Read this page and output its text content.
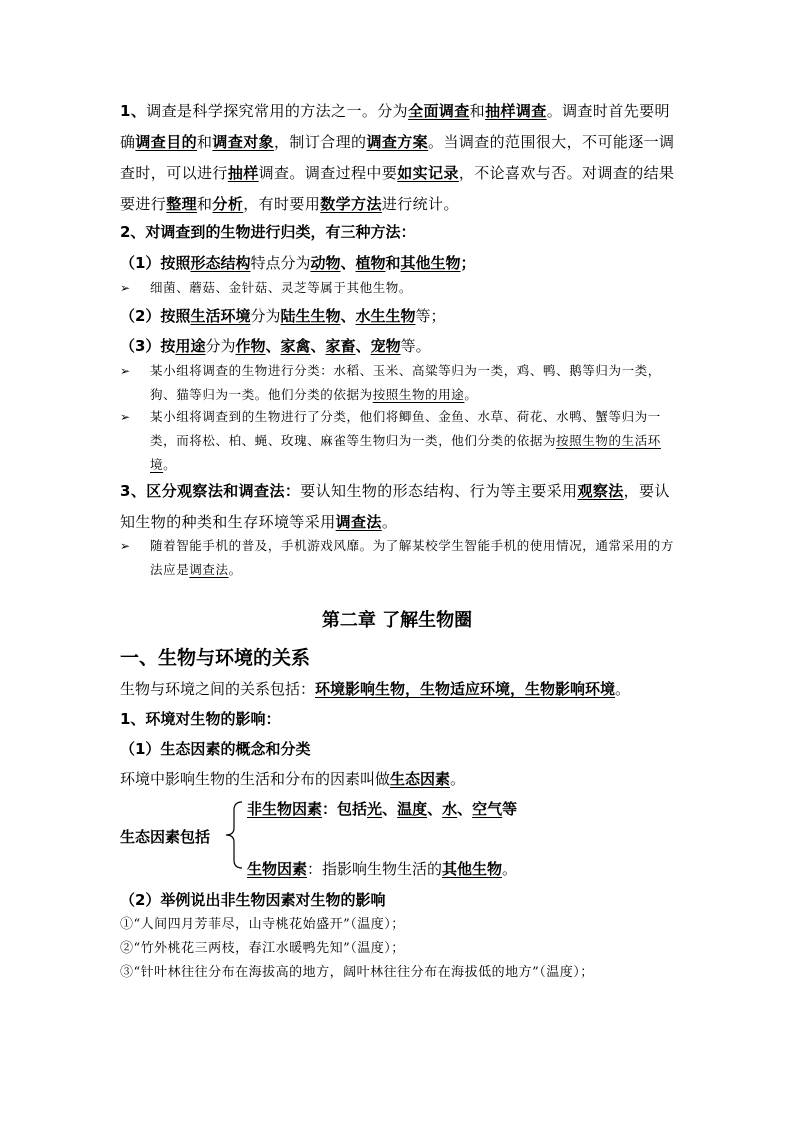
1、调查是科学探究常用的方法之一。分为全面调查和抽样调查。调查时首先要明确调查目的和调查对象，制订合理的调查方案。当调查的范围很大，不可能逐一调查时，可以进行抽样调查。调查过程中要如实记录，不论喜欢与否。对调查的结果要进行整理和分析，有时要用数学方法进行统计。

2、对调查到的生物进行归类，有三种方法：

（1）按照形态结构特点分为动物、植物和其他生物；

➢	细菌、蘑菇、金针菇、灵芝等属于其他生物。

（2）按照生活环境分为陆生生物、水生生物等；

（3）按用途分为作物、家禽、家畜、宠物等。

➢	某小组将调查的生物进行分类：水稻、玉米、高粱等归为一类，鸡、鸭、鹅等归为一类，狗、猫等归为一类。他们分类的依据为按照生物的用途。
➢	某小组将调查到的生物进行了分类，他们将鲫鱼、金鱼、水草、荷花、水鸭、蟹等归为一类，而将松、柏、蝇、玫瑰、麻雀等生物归为一类，他们分类的依据为按照生物的生活环境。

3、区分观察法和调查法：要认知生物的形态结构、行为等主要采用观察法，要认知生物的种类和生存环境等采用调查法。

➢	随着智能手机的普及，手机游戏风靡。为了解某校学生智能手机的使用情况，通常采用的方法应是调查法。

第二章 了解生物圈

一、生物与环境的关系

生物与环境之间的关系包括：环境影响生物，生物适应环境，生物影响环境。

1、环境对生物的影响：

（1）生态因素的概念和分类

环境中影响生物的生活和分布的因素叫做生态因素。

生态因素包括

非生物因素：包括光、温度、水、空气等

生物因素：指影响生物生活的其他生物。

（2）举例说出非生物因素对生物的影响

①“人间四月芳菲尽，山寺桃花始盛开”（温度）；

②“竹外桃花三两枝，春江水暖鸭先知”（温度）；

③“针叶林往往分布在海拔高的地方，阔叶林往往分布在海拔低的地方”（温度）；
